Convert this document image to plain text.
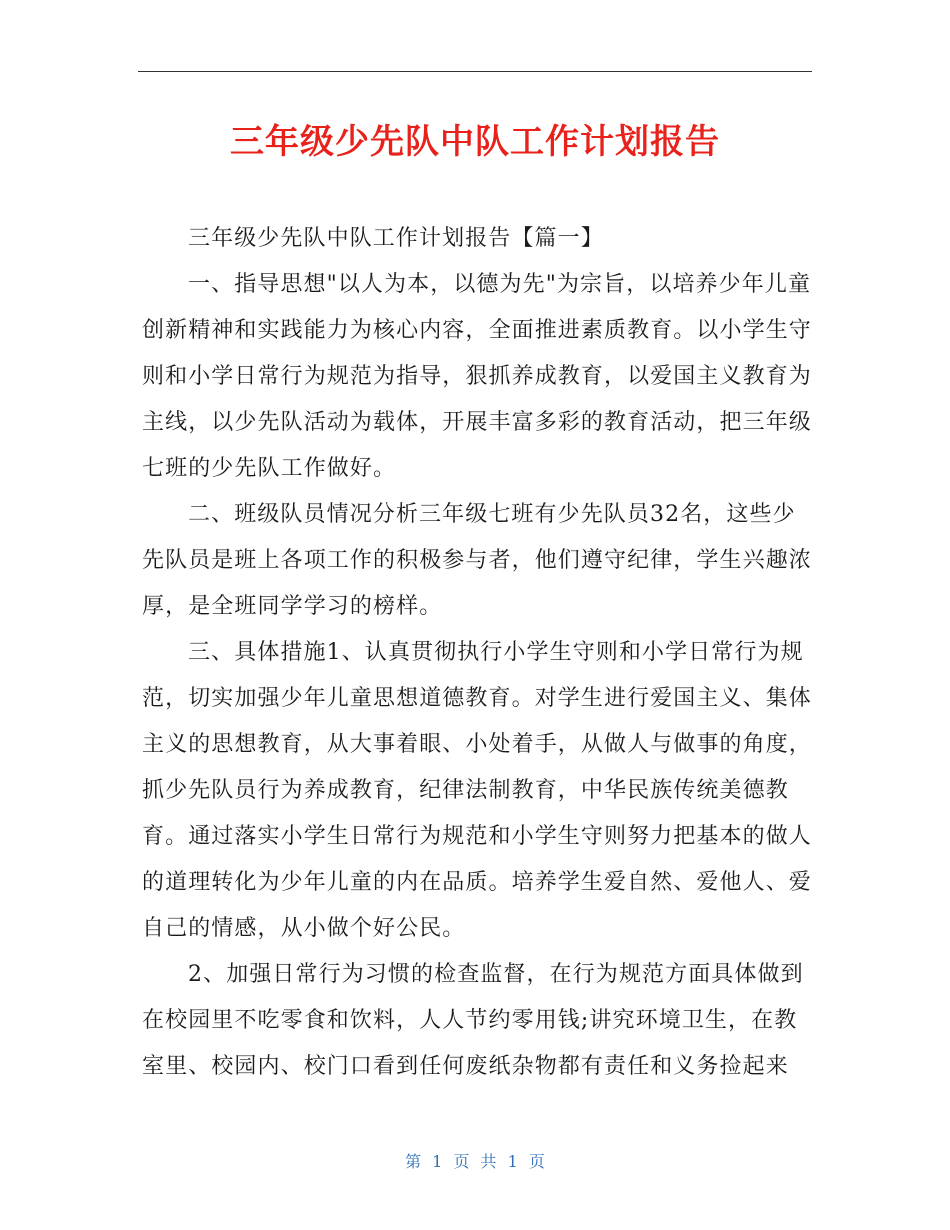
三年级少先队中队工作计划报告

三年级少先队中队工作计划报告【篇一】

一、指导思想"以人为本，以德为先"为宗旨，以培养少年儿童创新精神和实践能力为核心内容，全面推进素质教育。以小学生守则和小学日常行为规范为指导，狠抓养成教育，以爱国主义教育为主线，以少先队活动为载体，开展丰富多彩的教育活动，把三年级七班的少先队工作做好。

二、班级队员情况分析三年级七班有少先队员32名，这些少先队员是班上各项工作的积极参与者，他们遵守纪律，学生兴趣浓厚，是全班同学学习的榜样。

三、具体措施1、认真贯彻执行小学生守则和小学日常行为规范，切实加强少年儿童思想道德教育。对学生进行爱国主义、集体主义的思想教育，从大事着眼、小处着手，从做人与做事的角度，抓少先队员行为养成教育，纪律法制教育，中华民族传统美德教育。通过落实小学生日常行为规范和小学生守则努力把基本的做人的道理转化为少年儿童的内在品质。培养学生爱自然、爱他人、爱自己的情感，从小做个好公民。

2、加强日常行为习惯的检查监督，在行为规范方面具体做到在校园里不吃零食和饮料，人人节约零用钱;讲究环境卫生，在教室里、校园内、校门口看到任何废纸杂物都有责任和义务捡起来

第 1 页 共 1 页
